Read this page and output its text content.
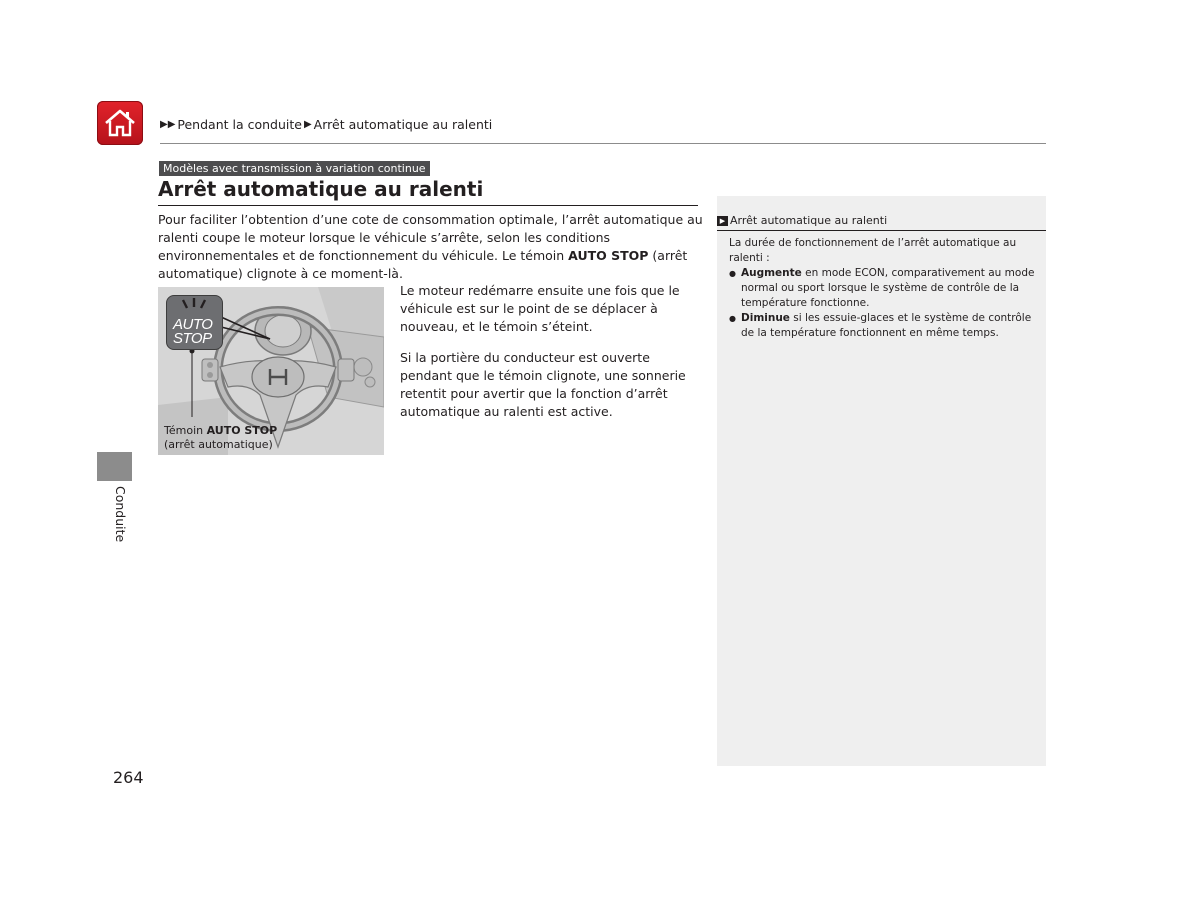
▶▶ Pendant la conduite ▶ Arrêt automatique au ralenti
Modèles avec transmission à variation continue
Arrêt automatique au ralenti

Pour faciliter l’obtention d’une cote de consommation optimale, l’arrêt automatique au ralenti coupe le moteur lorsque le véhicule s’arrête, selon les conditions environnementales et de fonctionnement du véhicule. Le témoin AUTO STOP (arrêt automatique) clignote à ce moment-là.

AUTO
STOP
Témoin AUTO STOP
(arrêt automatique)

Le moteur redémarre ensuite une fois que le véhicule est sur le point de se déplacer à nouveau, et le témoin s’éteint.

Si la portière du conducteur est ouverte pendant que le témoin clignote, une sonnerie retentit pour avertir que la fonction d’arrêt automatique au ralenti est active.

▶ Arrêt automatique au ralenti

La durée de fonctionnement de l’arrêt automatique au ralenti :

● Augmente en mode ECON, comparativement au mode normal ou sport lorsque le système de contrôle de la température fonctionne.
● Diminue si les essuie-glaces et le système de contrôle de la température fonctionnent en même temps.
Conduite
264
